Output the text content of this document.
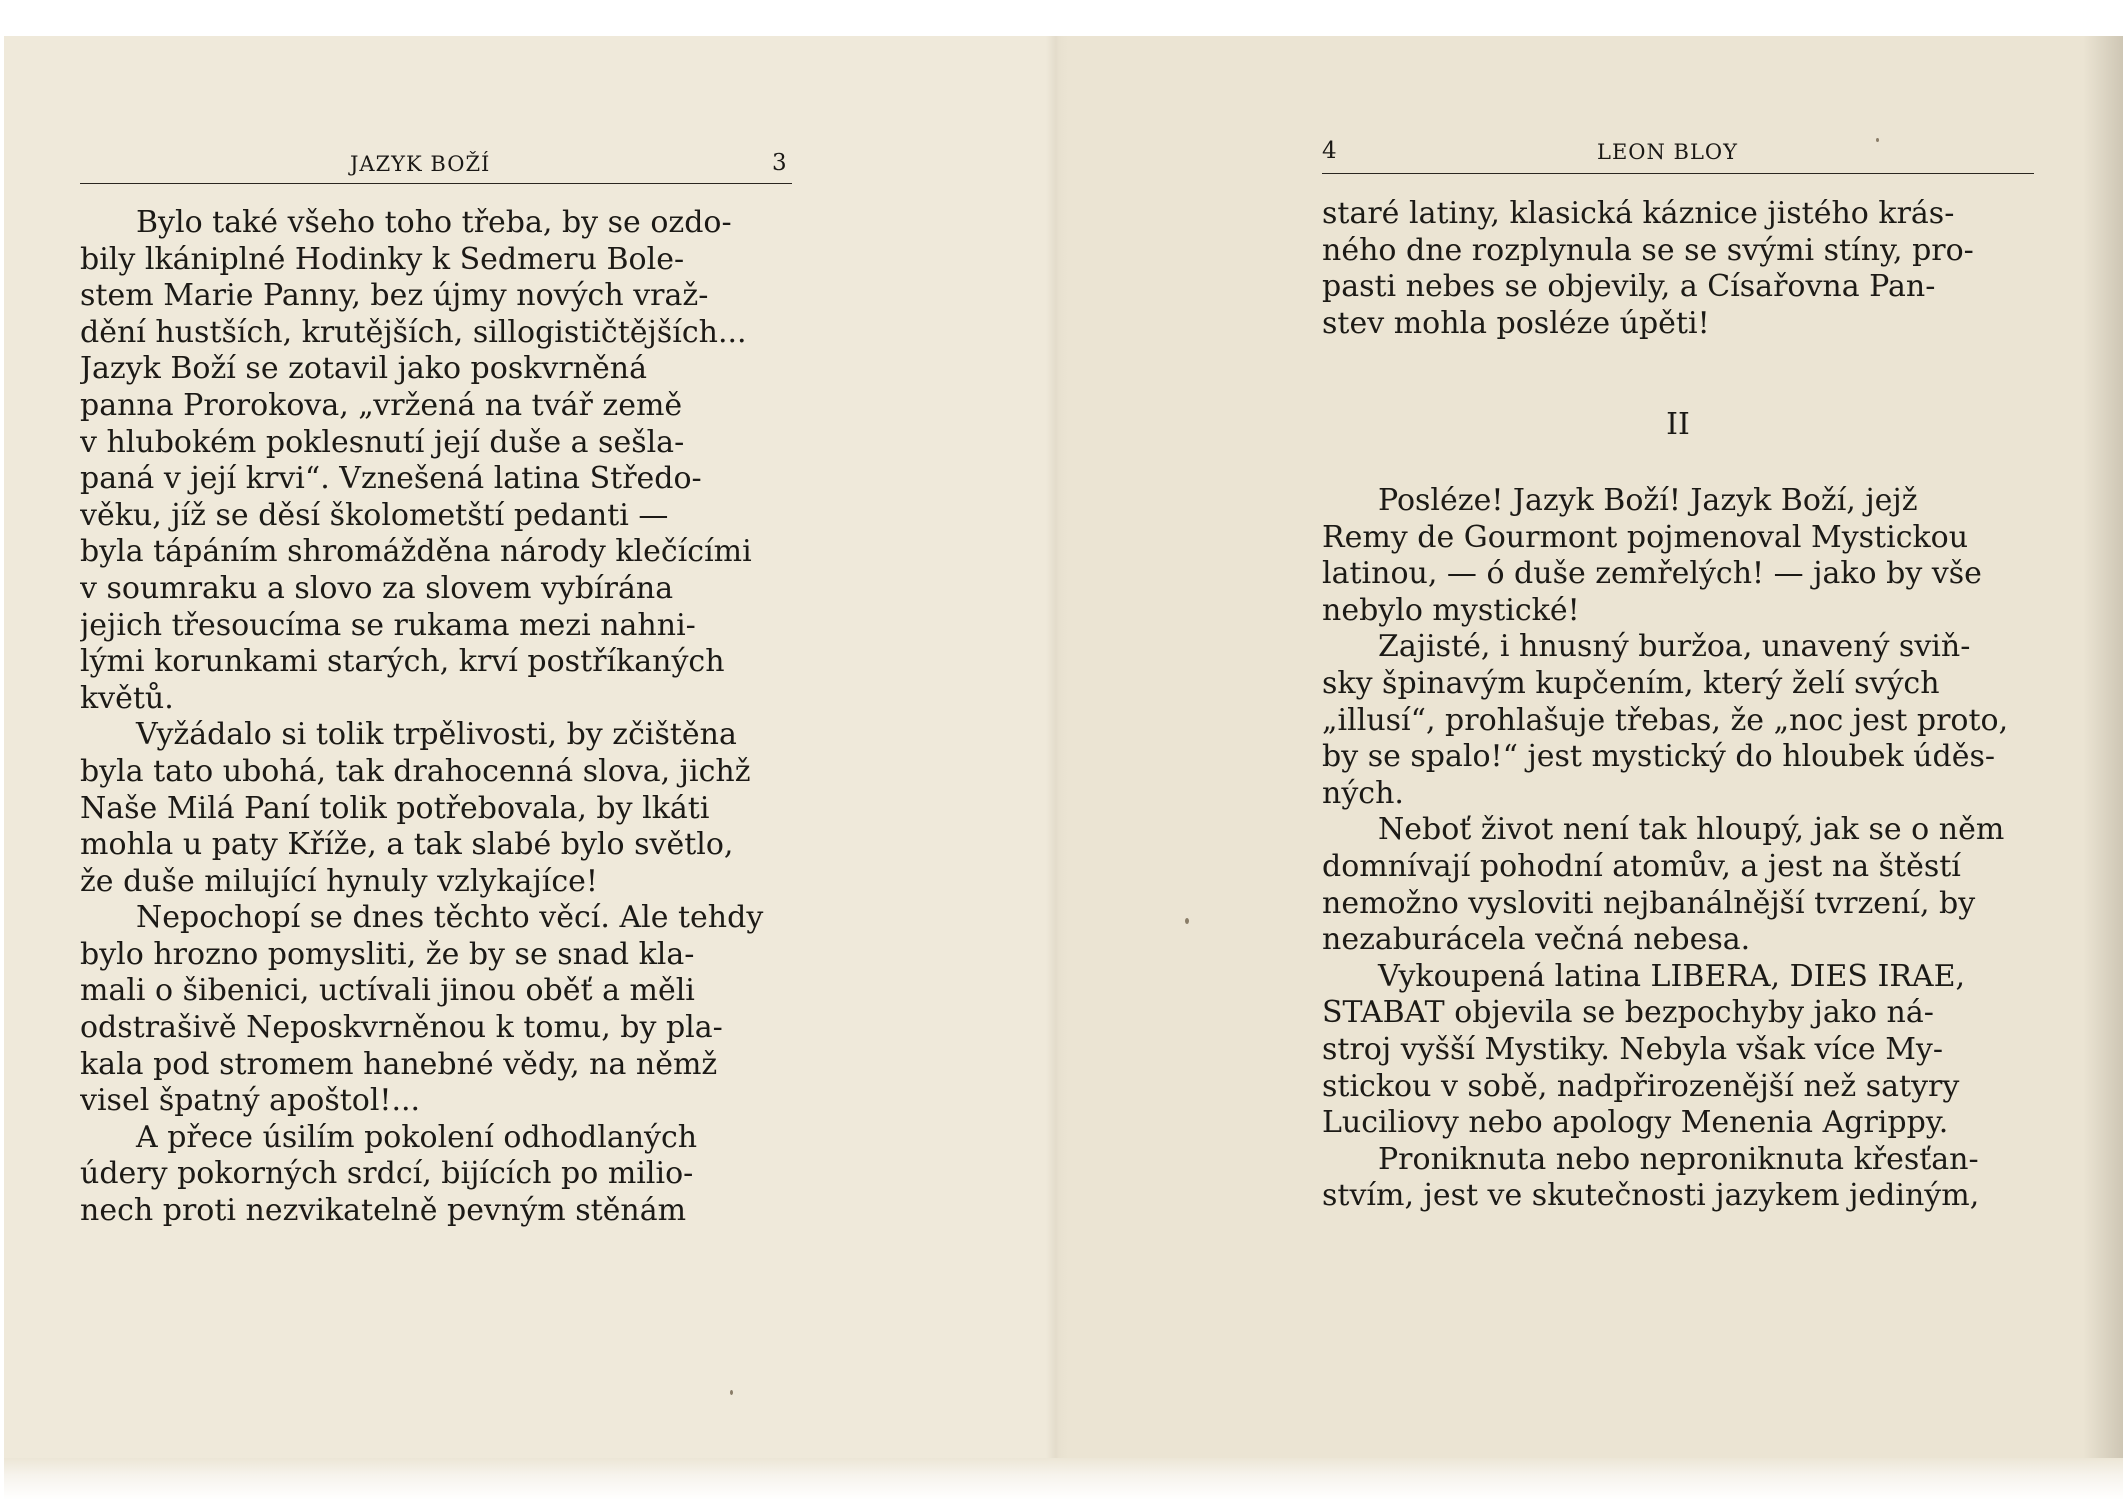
JAZYK BOŽÍ	3
Bylo také všeho toho třeba, by se ozdo-
bily lkániplné Hodinky k Sedmeru Bole-
stem Marie Panny, bez újmy nových vraž-
dění hustších, krutějších, sillogističtějších...
Jazyk Boží se zotavil jako poskvrněná
panna Prorokova, „vržená na tvář země
v hlubokém poklesnutí její duše a sešla-
paná v její krvi“. Vznešená latina Středo-
věku, jíž se děsí školometští pedanti —
byla tápáním shromážděna národy klečícími
v soumraku a slovo za slovem vybírána
jejich třesoucíma se rukama mezi nahni-
lými korunkami starých, krví postříkaných
květů.
Vyžádalo si tolik trpělivosti, by zčištěna
byla tato ubohá, tak drahocenná slova, jichž
Naše Milá Paní tolik potřebovala, by lkáti
mohla u paty Kříže, a tak slabé bylo světlo,
že duše milující hynuly vzlykajíce!
Nepochopí se dnes těchto věcí. Ale tehdy
bylo hrozno pomysliti, že by se snad kla-
mali o šibenici, uctívali jinou oběť a měli
odstrašivě Neposkvrněnou k tomu, by pla-
kala pod stromem hanebné vědy, na němž
visel špatný apoštol!...
A přece úsilím pokolení odhodlaných
údery pokorných srdcí, bijících po milio-
nech proti nezvikatelně pevným stěnám
4	LEON BLOY
staré latiny, klasická káznice jistého krás-
ného dne rozplynula se se svými stíny, pro-
pasti nebes se objevily, a Císařovna Pan-
stev mohla posléze úpěti!
II
Posléze! Jazyk Boží! Jazyk Boží, jejž
Remy de Gourmont pojmenoval Mystickou
latinou, — ó duše zemřelých! — jako by vše
nebylo mystické!
Zajisté, i hnusný buržoa, unavený sviň-
sky špinavým kupčením, který želí svých
„illusí“, prohlašuje třebas, že „noc jest proto,
by se spalo!“ jest mystický do hloubek úděs-
ných.
Neboť život není tak hloupý, jak se o něm
domnívají pohodní atomův, a jest na štěstí
nemožno vysloviti nejbanálnější tvrzení, by
nezaburácela večná nebesa.
Vykoupená latina LIBERA, DIES IRAE,
STABAT objevila se bezpochyby jako ná-
stroj vyšší Mystiky. Nebyla však více My-
stickou v sobě, nadpřirozenější než satyry
Luciliovy nebo apology Menenia Agrippy.
Proniknuta nebo neproniknuta křesťan-
stvím, jest ve skutečnosti jazykem jediným,
